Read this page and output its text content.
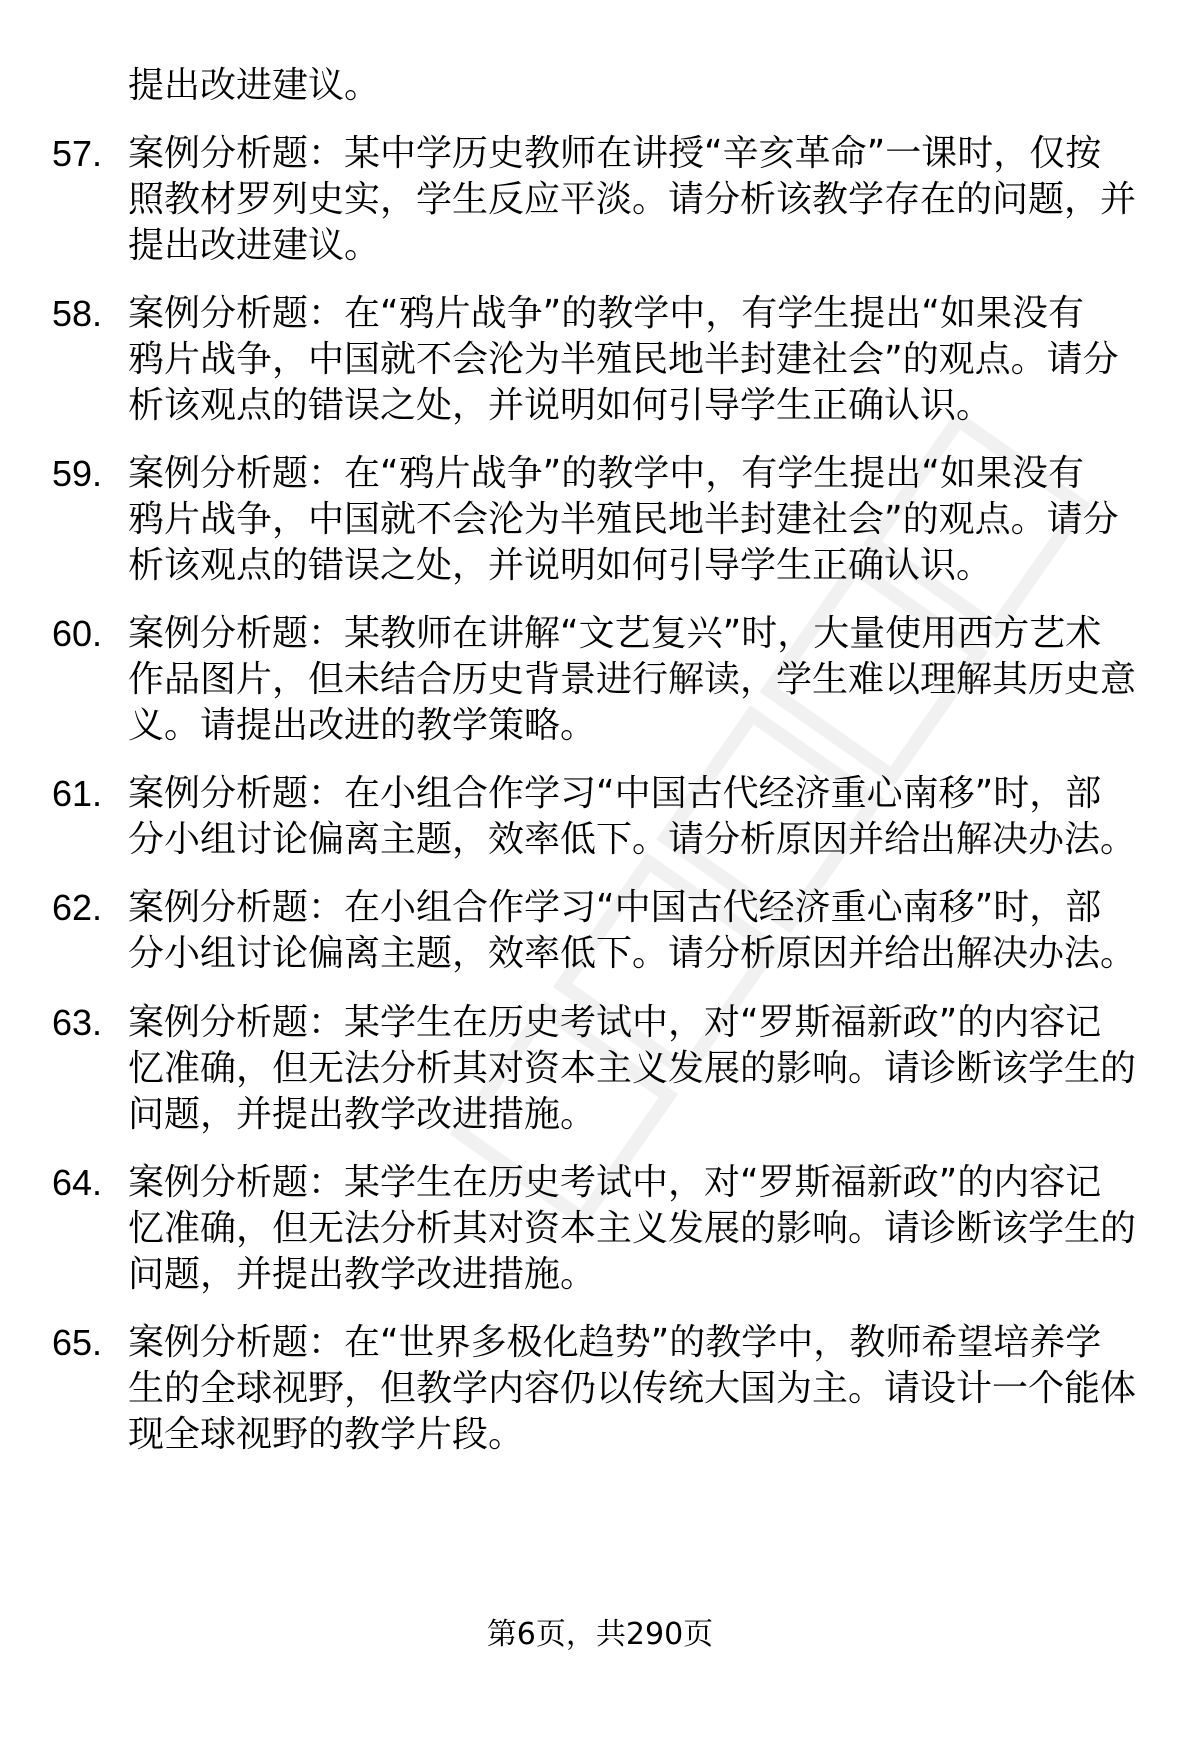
提出改进建议。
57. 案例分析题：某中学历史教师在讲授“辛亥革命”一课时，仅按
照教材罗列史实，学生反应平淡。请分析该教学存在的问题，并
提出改进建议。
58. 案例分析题：在“鸦片战争”的教学中，有学生提出“如果没有
鸦片战争，中国就不会沦为半殖民地半封建社会”的观点。请分
析该观点的错误之处，并说明如何引导学生正确认识。
59. 案例分析题：在“鸦片战争”的教学中，有学生提出“如果没有
鸦片战争，中国就不会沦为半殖民地半封建社会”的观点。请分
析该观点的错误之处，并说明如何引导学生正确认识。
60. 案例分析题：某教师在讲解“文艺复兴”时，大量使用西方艺术
作品图片，但未结合历史背景进行解读，学生难以理解其历史意
义。请提出改进的教学策略。
61. 案例分析题：在小组合作学习“中国古代经济重心南移”时，部
分小组讨论偏离主题，效率低下。请分析原因并给出解决办法。
62. 案例分析题：在小组合作学习“中国古代经济重心南移”时，部
分小组讨论偏离主题，效率低下。请分析原因并给出解决办法。
63. 案例分析题：某学生在历史考试中，对“罗斯福新政”的内容记
忆准确，但无法分析其对资本主义发展的影响。请诊断该学生的
问题，并提出教学改进措施。
64. 案例分析题：某学生在历史考试中，对“罗斯福新政”的内容记
忆准确，但无法分析其对资本主义发展的影响。请诊断该学生的
问题，并提出教学改进措施。
65. 案例分析题：在“世界多极化趋势”的教学中，教师希望培养学
生的全球视野，但教学内容仍以传统大国为主。请设计一个能体
现全球视野的教学片段。
第6页，共290页
